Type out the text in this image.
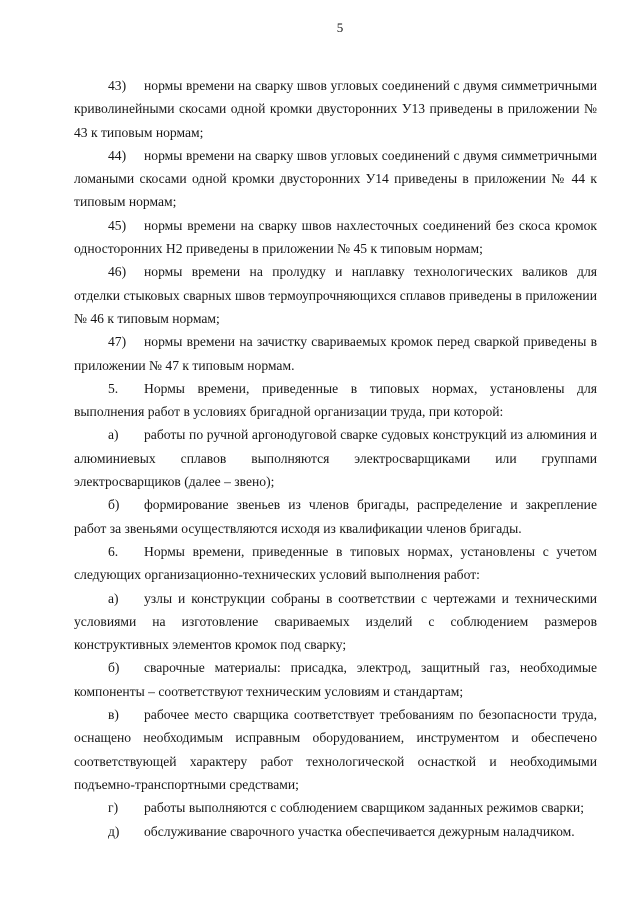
5

43) нормы времени на сварку швов угловых соединений с двумя симметричными криволинейными скосами одной кромки двусторонних У13 приведены в приложении № 43 к типовым нормам;

44) нормы времени на сварку швов угловых соединений с двумя симметричными ломаными скосами одной кромки двусторонних У14 приведены в приложении № 44 к типовым нормам;

45) нормы времени на сварку швов нахлесточных соединений без скоса кромок односторонних Н2 приведены в приложении № 45 к типовым нормам;

46) нормы времени на пролудку и наплавку технологических валиков для отделки стыковых сварных швов термоупрочняющихся сплавов приведены в приложении № 46 к типовым нормам;

47) нормы времени на зачистку свариваемых кромок перед сваркой приведены в приложении № 47 к типовым нормам.

5. Нормы времени, приведенные в типовых нормах, установлены для выполнения работ в условиях бригадной организации труда, при которой:

а) работы по ручной аргонодуговой сварке судовых конструкций из алюминия и алюминиевых сплавов выполняются электросварщиками или группами электросварщиков (далее – звено);

б) формирование звеньев из членов бригады, распределение и закрепление работ за звеньями осуществляются исходя из квалификации членов бригады.

6. Нормы времени, приведенные в типовых нормах, установлены с учетом следующих организационно-технических условий выполнения работ:

а) узлы и конструкции собраны в соответствии с чертежами и техническими условиями на изготовление свариваемых изделий с соблюдением размеров конструктивных элементов кромок под сварку;

б) сварочные материалы: присадка, электрод, защитный газ, необходимые компоненты – соответствуют техническим условиям и стандартам;

в) рабочее место сварщика соответствует требованиям по безопасности труда, оснащено необходимым исправным оборудованием, инструментом и обеспечено соответствующей характеру работ технологической оснасткой и необходимыми подъемно-транспортными средствами;

г) работы выполняются с соблюдением сварщиком заданных режимов сварки;

д) обслуживание сварочного участка обеспечивается дежурным наладчиком.
